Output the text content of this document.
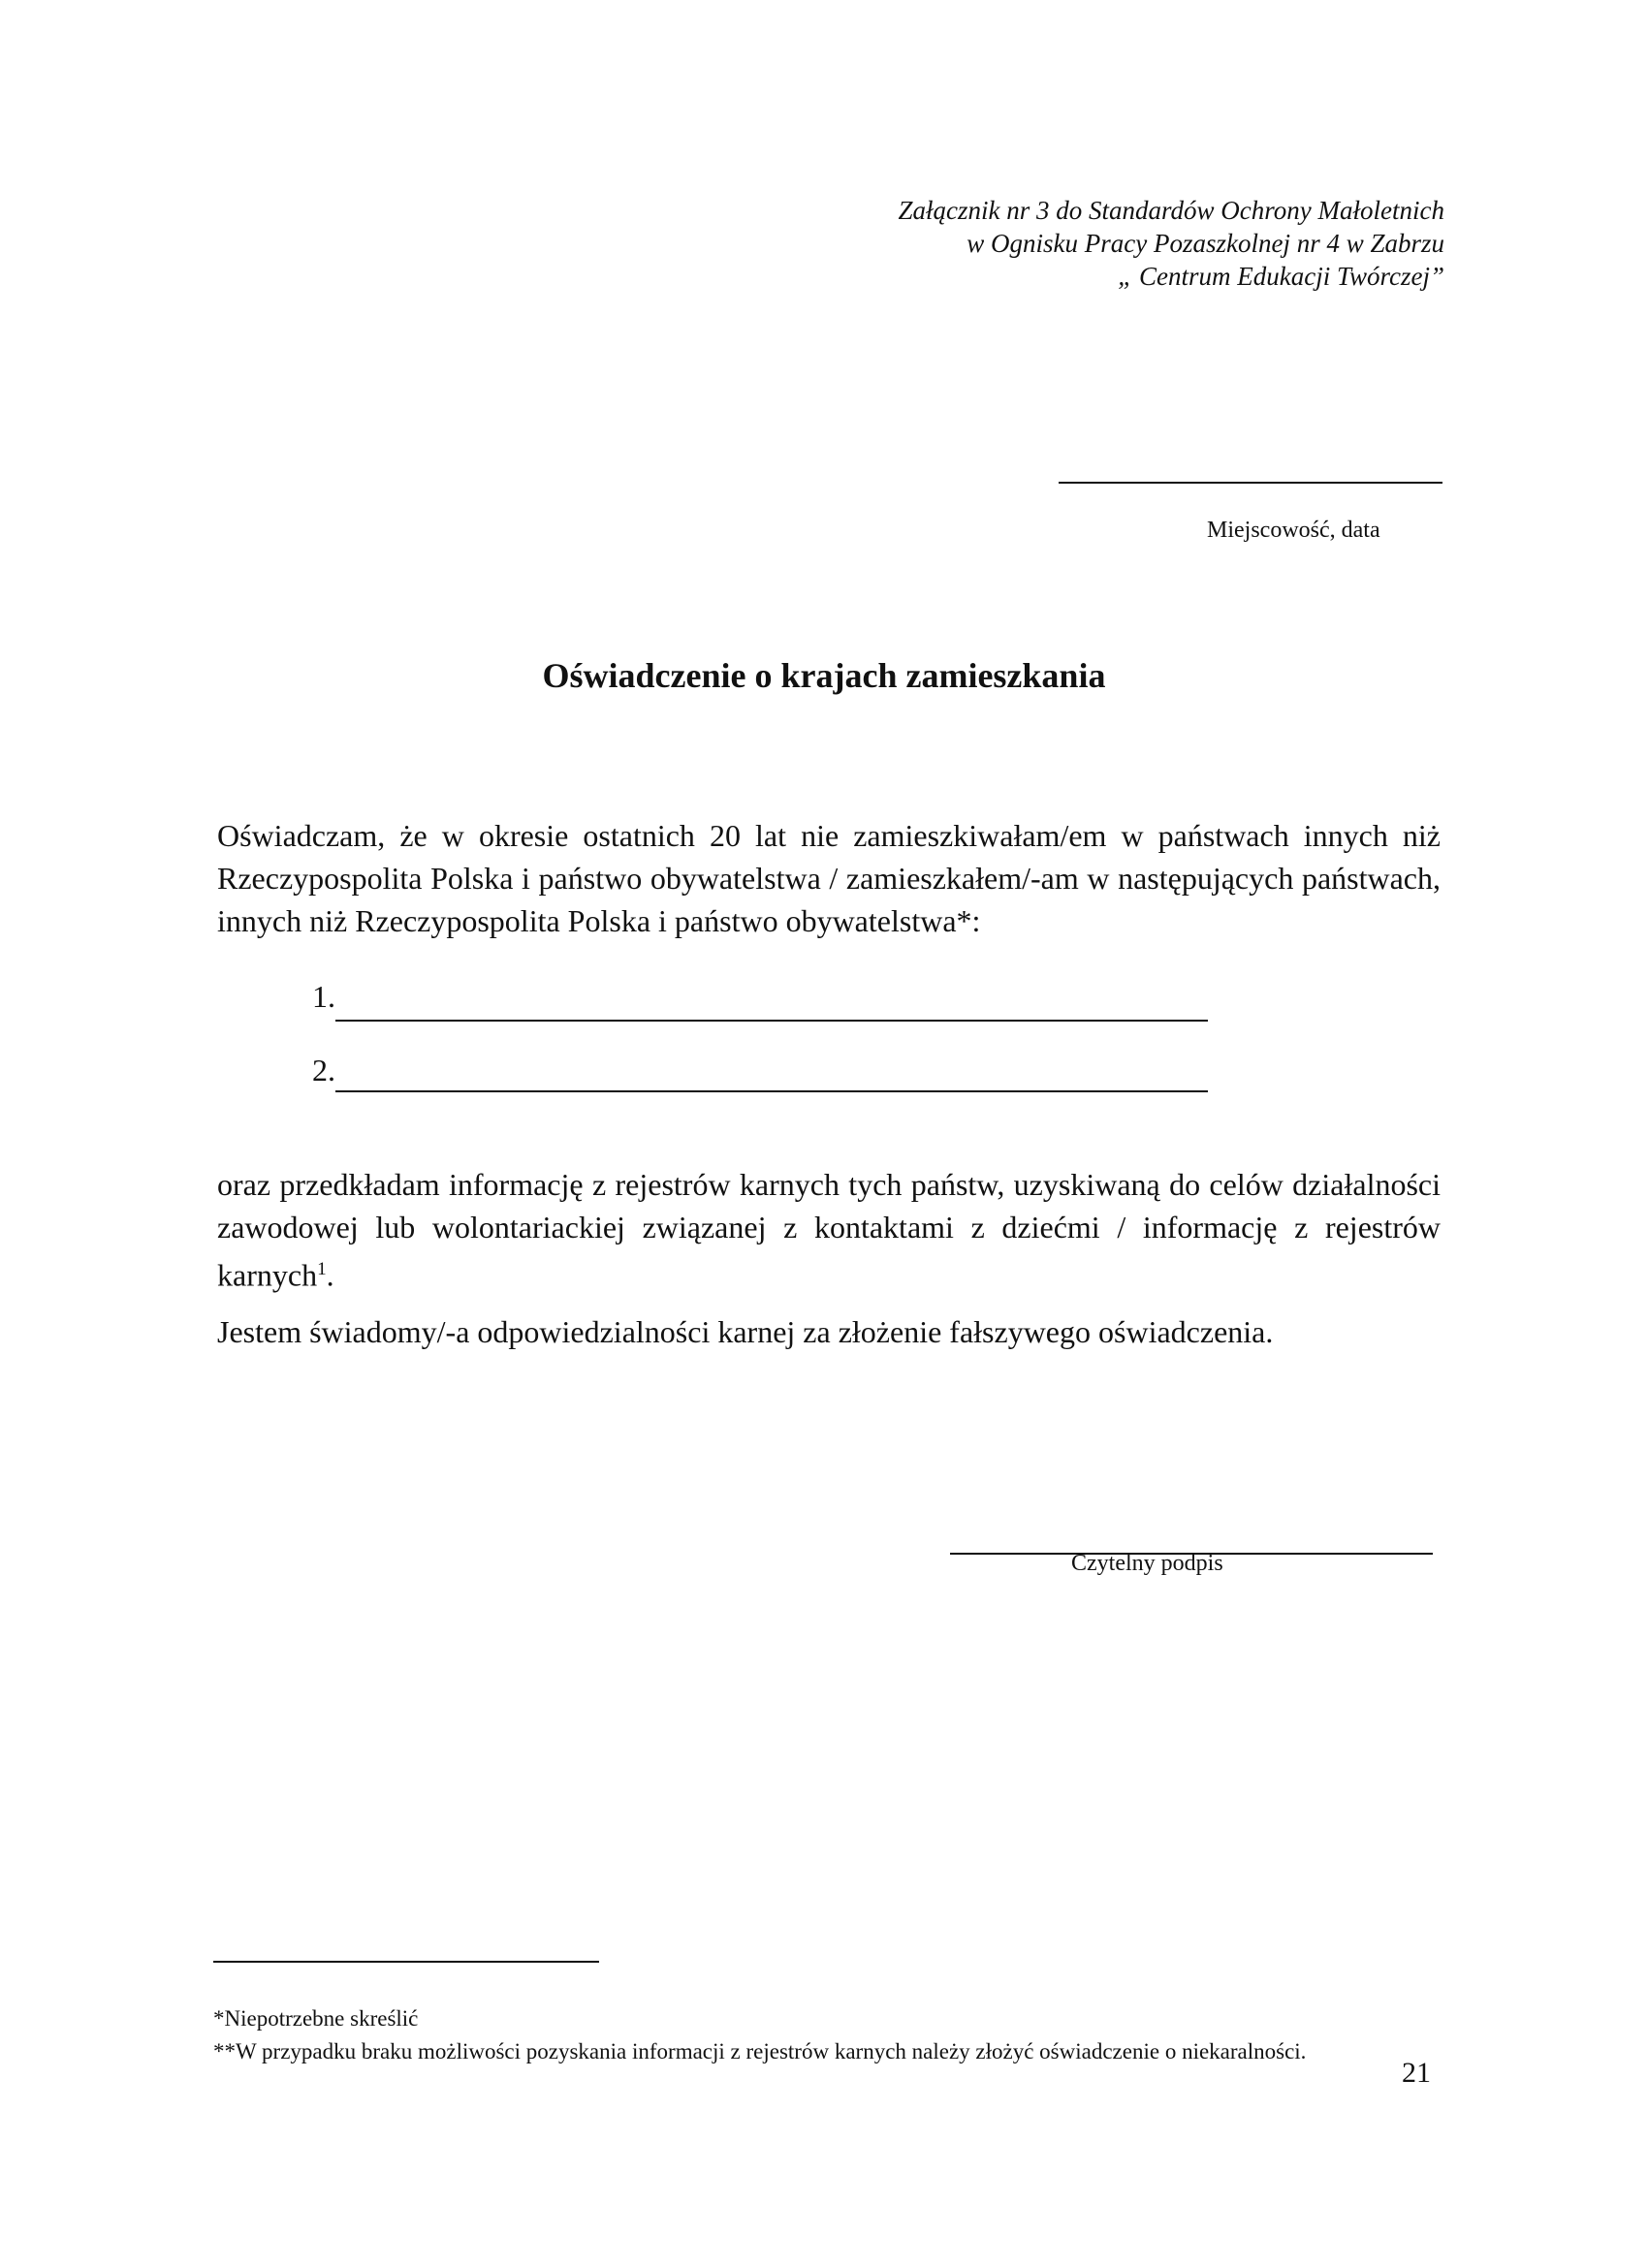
Załącznik nr 3 do Standardów Ochrony Małoletnich
w Ognisku Pracy Pozaszkolnej nr 4 w Zabrzu
„ Centrum Edukacji Twórczej”
Miejscowość, data
Oświadczenie o krajach zamieszkania
Oświadczam, że w okresie ostatnich 20 lat nie zamieszkiwałam/em w państwach innych niż Rzeczypospolita Polska i państwo obywatelstwa / zamieszkałem/-am w następujących państwach, innych niż Rzeczypospolita Polska i państwo obywatelstwa*:
1.
2.
oraz przedkładam informację z rejestrów karnych tych państw, uzyskiwaną do celów działalności zawodowej lub wolontariackiej związanej z kontaktami z dziećmi / informację z rejestrów karnych$^1$.
Jestem świadomy/-a odpowiedzialności karnej za złożenie fałszywego oświadczenia.
Czytelny podpis
*Niepotrzebne skreślić
**W przypadku braku możliwości pozyskania informacji z rejestrów karnych należy złożyć oświadczenie o niekaralności.
21
